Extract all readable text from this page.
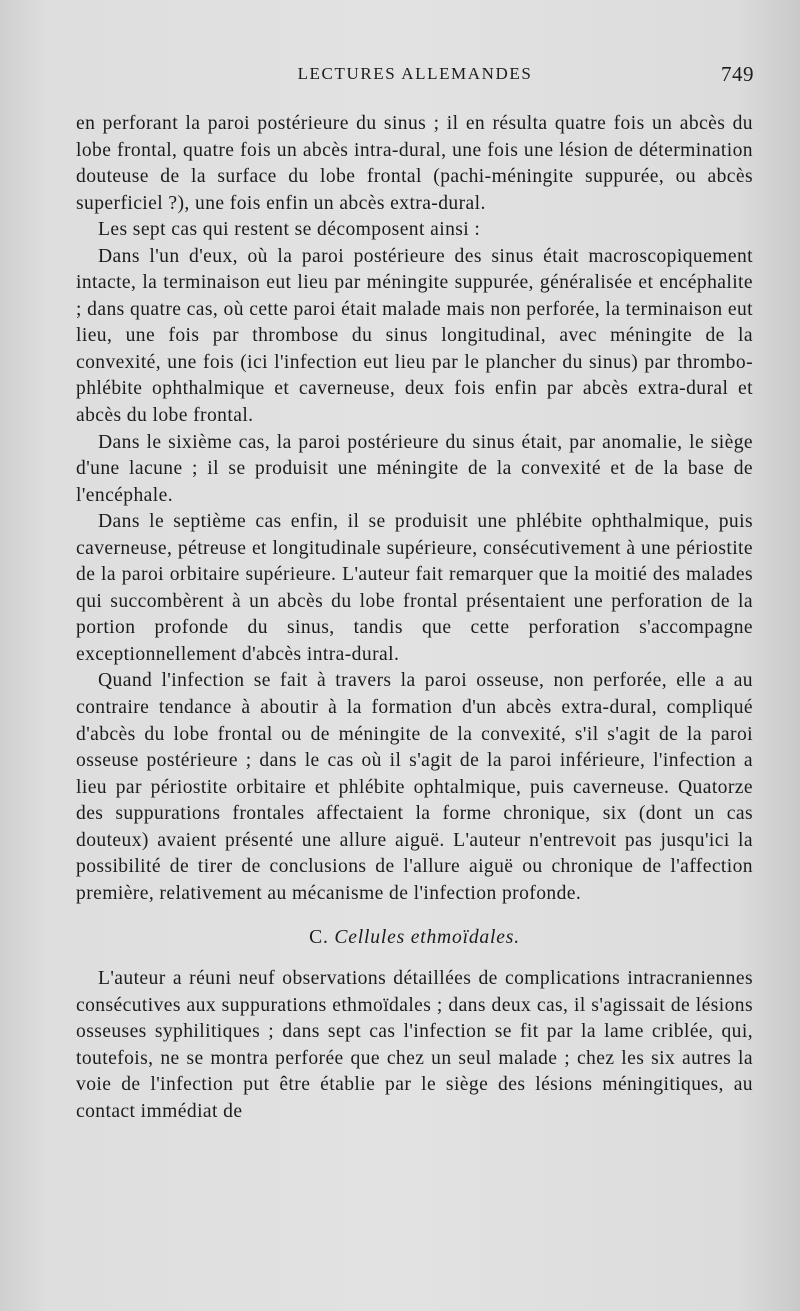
LECTURES ALLEMANDES	749

en perforant la paroi postérieure du sinus ; il en résulta quatre fois un abcès du lobe frontal, quatre fois un abcès intra-dural, une fois une lésion de détermination douteuse de la surface du lobe frontal (pachi-méningite suppurée, ou abcès superficiel ?), une fois enfin un abcès extra-dural.

Les sept cas qui restent se décomposent ainsi :

Dans l'un d'eux, où la paroi postérieure des sinus était macroscopiquement intacte, la terminaison eut lieu par méningite suppurée, généralisée et encéphalite ; dans quatre cas, où cette paroi était malade mais non perforée, la terminaison eut lieu, une fois par thrombose du sinus longitudinal, avec méningite de la convexité, une fois (ici l'infection eut lieu par le plancher du sinus) par thrombo-phlébite ophthalmique et caverneuse, deux fois enfin par abcès extra-dural et abcès du lobe frontal.

Dans le sixième cas, la paroi postérieure du sinus était, par anomalie, le siège d'une lacune ; il se produisit une méningite de la convexité et de la base de l'encéphale.

Dans le septième cas enfin, il se produisit une phlébite ophthalmique, puis caverneuse, pétreuse et longitudinale supérieure, consécutivement à une périostite de la paroi orbitaire supérieure. L'auteur fait remarquer que la moitié des malades qui succombèrent à un abcès du lobe frontal présentaient une perforation de la portion profonde du sinus, tandis que cette perforation s'accompagne exceptionnellement d'abcès intra-dural.

Quand l'infection se fait à travers la paroi osseuse, non perforée, elle a au contraire tendance à aboutir à la formation d'un abcès extra-dural, compliqué d'abcès du lobe frontal ou de méningite de la convexité, s'il s'agit de la paroi osseuse postérieure ; dans le cas où il s'agit de la paroi inférieure, l'infection a lieu par périostite orbitaire et phlébite ophtalmique, puis caverneuse. Quatorze des suppurations frontales affectaient la forme chronique, six (dont un cas douteux) avaient présenté une allure aiguë. L'auteur n'entrevoit pas jusqu'ici la possibilité de tirer de conclusions de l'allure aiguë ou chronique de l'affection première, relativement au mécanisme de l'infection profonde.

C. Cellules ethmoïdales.

L'auteur a réuni neuf observations détaillées de complications intracraniennes consécutives aux suppurations ethmoïdales ; dans deux cas, il s'agissait de lésions osseuses syphilitiques ; dans sept cas l'infection se fit par la lame criblée, qui, toutefois, ne se montra perforée que chez un seul malade ; chez les six autres la voie de l'infection put être établie par le siège des lésions méningitiques, au contact immédiat de
